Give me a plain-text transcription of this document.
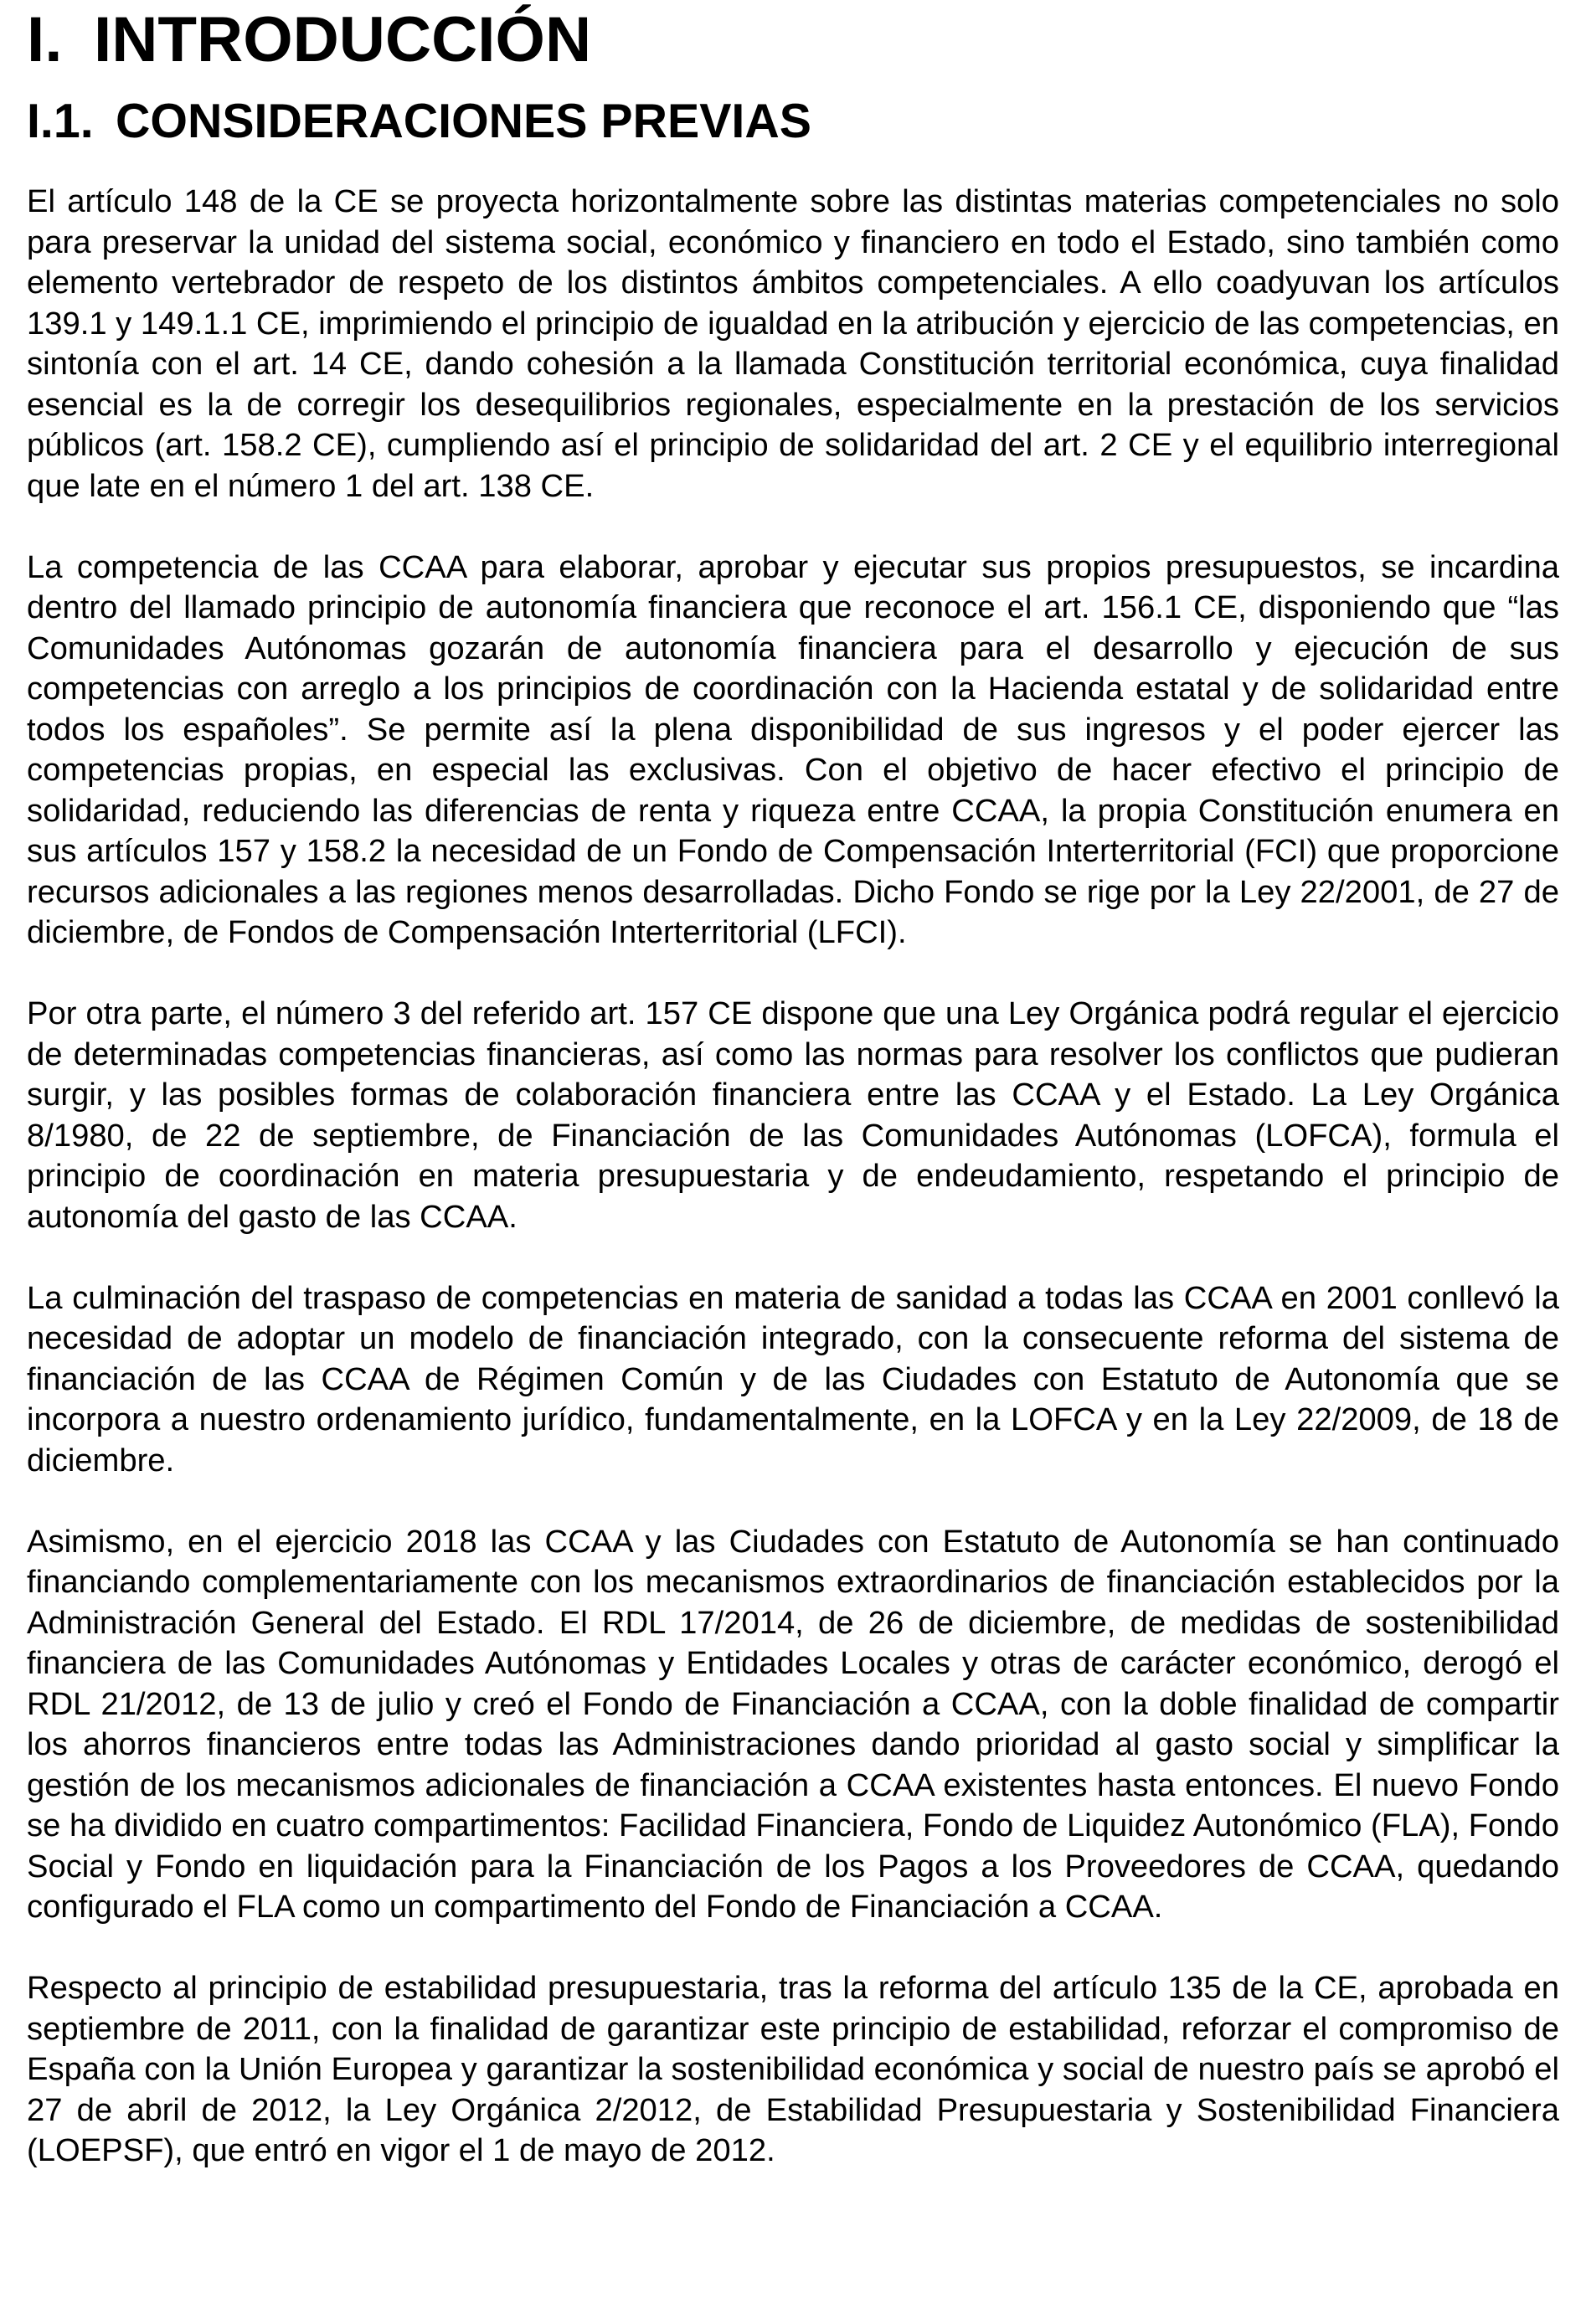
I. INTRODUCCIÓN
I.1. CONSIDERACIONES PREVIAS

El artículo 148 de la CE se proyecta horizontalmente sobre las distintas materias competenciales no solo para preservar la unidad del sistema social, económico y financiero en todo el Estado, sino también como elemento vertebrador de respeto de los distintos ámbitos competenciales. A ello coadyuvan los artículos 139.1 y 149.1.1 CE, imprimiendo el principio de igualdad en la atribución y ejercicio de las competencias, en sintonía con el art. 14 CE, dando cohesión a la llamada Constitución territorial económica, cuya finalidad esencial es la de corregir los desequilibrios regionales, especialmente en la prestación de los servicios públicos (art. 158.2 CE), cumpliendo así el principio de solidaridad del art. 2 CE y el equilibrio interregional que late en el número 1 del art. 138 CE.

La competencia de las CCAA para elaborar, aprobar y ejecutar sus propios presupuestos, se incardina dentro del llamado principio de autonomía financiera que reconoce el art. 156.1 CE, disponiendo que “las Comunidades Autónomas gozarán de autonomía financiera para el desarrollo y ejecución de sus competencias con arreglo a los principios de coordinación con la Hacienda estatal y de solidaridad entre todos los españoles”. Se permite así la plena disponibilidad de sus ingresos y el poder ejercer las competencias propias, en especial las exclusivas. Con el objetivo de hacer efectivo el principio de solidaridad, reduciendo las diferencias de renta y riqueza entre CCAA, la propia Constitución enumera en sus artículos 157 y 158.2 la necesidad de un Fondo de Compensación Interterritorial (FCI) que proporcione recursos adicionales a las regiones menos desarrolladas. Dicho Fondo se rige por la Ley 22/2001, de 27 de diciembre, de Fondos de Compensación Interterritorial (LFCI).

Por otra parte, el número 3 del referido art. 157 CE dispone que una Ley Orgánica podrá regular el ejercicio de determinadas competencias financieras, así como las normas para resolver los conflictos que pudieran surgir, y las posibles formas de colaboración financiera entre las CCAA y el Estado. La Ley Orgánica 8/1980, de 22 de septiembre, de Financiación de las Comunidades Autónomas (LOFCA), formula el principio de coordinación en materia presupuestaria y de endeudamiento, respetando el principio de autonomía del gasto de las CCAA.

La culminación del traspaso de competencias en materia de sanidad a todas las CCAA en 2001 conllevó la necesidad de adoptar un modelo de financiación integrado, con la consecuente reforma del sistema de financiación de las CCAA de Régimen Común y de las Ciudades con Estatuto de Autonomía que se incorpora a nuestro ordenamiento jurídico, fundamentalmente, en la LOFCA y en la Ley 22/2009, de 18 de diciembre.

Asimismo, en el ejercicio 2018 las CCAA y las Ciudades con Estatuto de Autonomía se han continuado financiando complementariamente con los mecanismos extraordinarios de financiación establecidos por la Administración General del Estado. El RDL 17/2014, de 26 de diciembre, de medidas de sostenibilidad financiera de las Comunidades Autónomas y Entidades Locales y otras de carácter económico, derogó el RDL 21/2012, de 13 de julio y creó el Fondo de Financiación a CCAA, con la doble finalidad de compartir los ahorros financieros entre todas las Administraciones dando prioridad al gasto social y simplificar la gestión de los mecanismos adicionales de financiación a CCAA existentes hasta entonces. El nuevo Fondo se ha dividido en cuatro compartimentos: Facilidad Financiera, Fondo de Liquidez Autonómico (FLA), Fondo Social y Fondo en liquidación para la Financiación de los Pagos a los Proveedores de CCAA, quedando configurado el FLA como un compartimento del Fondo de Financiación a CCAA.

Respecto al principio de estabilidad presupuestaria, tras la reforma del artículo 135 de la CE, aprobada en septiembre de 2011, con la finalidad de garantizar este principio de estabilidad, reforzar el compromiso de España con la Unión Europea y garantizar la sostenibilidad económica y social de nuestro país se aprobó el 27 de abril de 2012, la Ley Orgánica 2/2012, de Estabilidad Presupuestaria y Sostenibilidad Financiera (LOEPSF), que entró en vigor el 1 de mayo de 2012.
